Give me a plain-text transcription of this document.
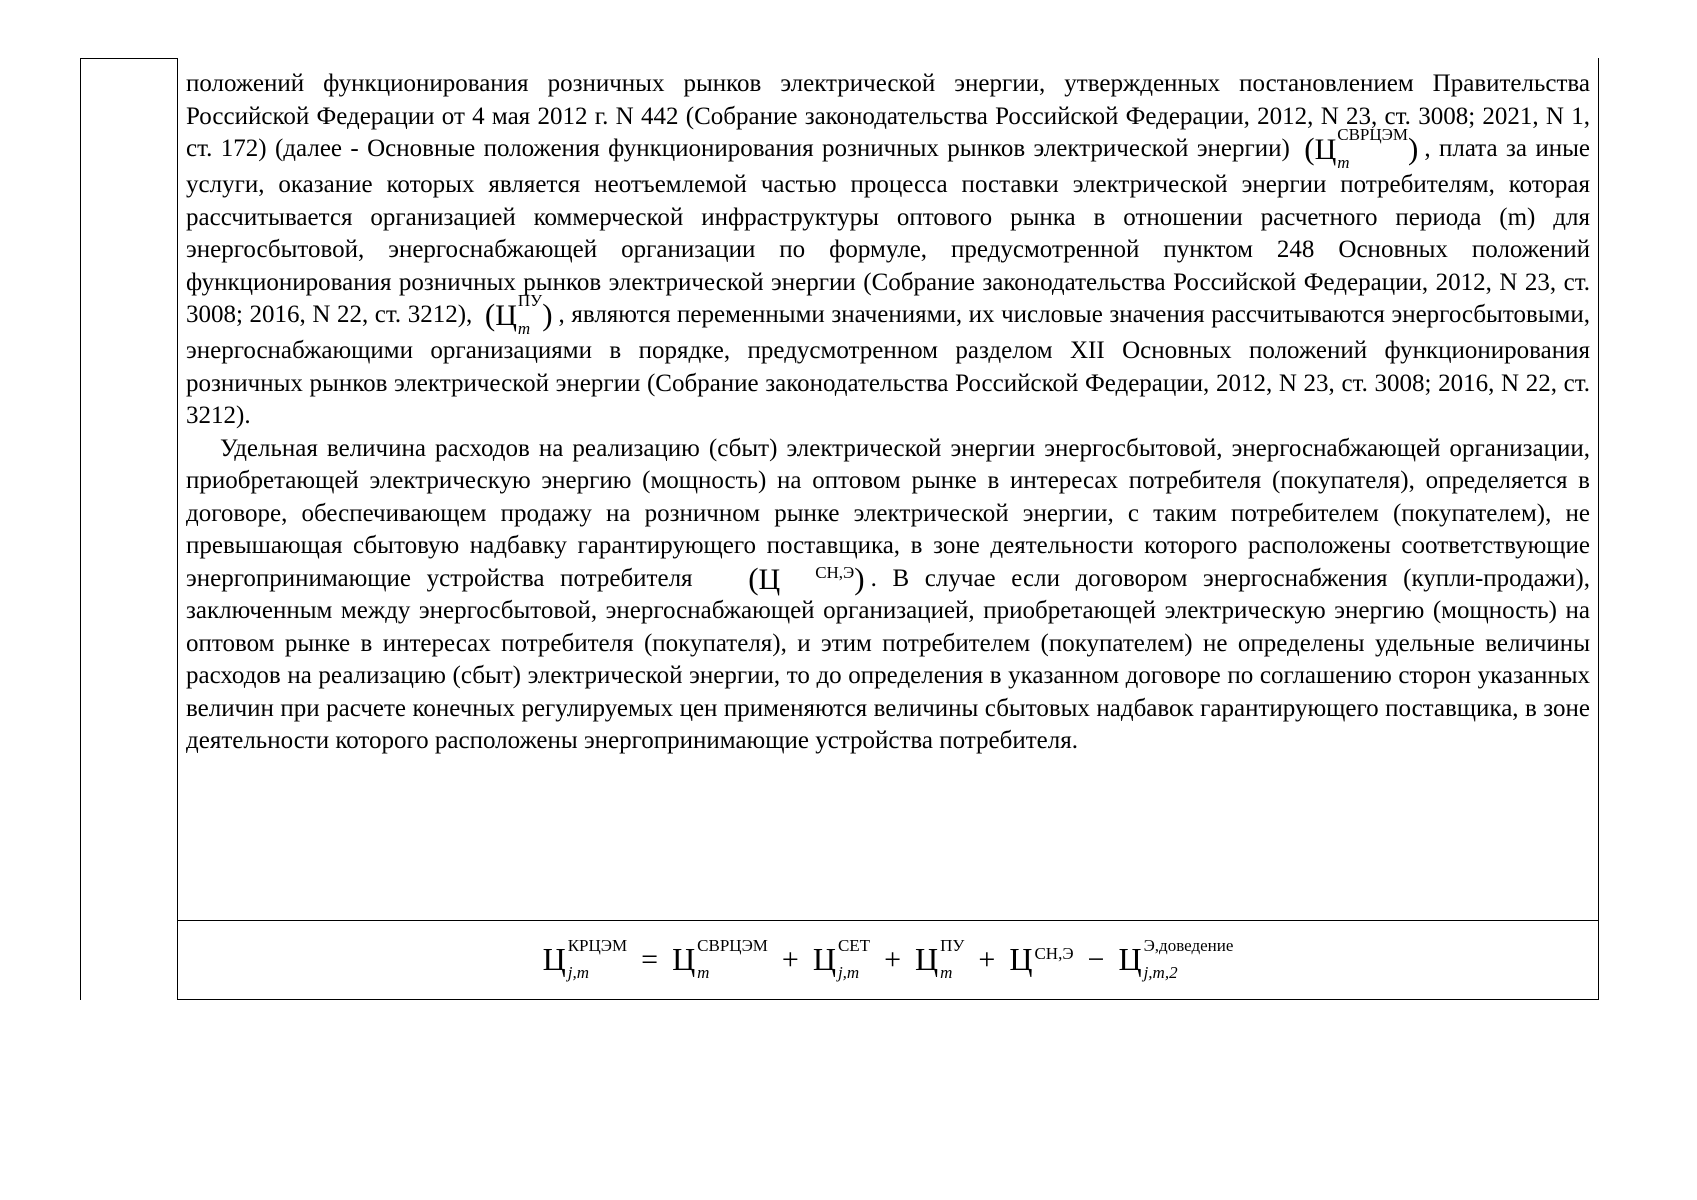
положений функционирования розничных рынков электрической энергии, утвержденных постановлением Правительства Российской Федерации от 4 мая 2012 г. N 442 (Собрание законодательства Российской Федерации, 2012, N 23, ст. 3008; 2021, N 1, ст. 172) (далее - Основные положения функционирования розничных рынков электрической энергии) (Ц СВРЦЭМ
m	) , плата за иные услуги, оказание которых является неотъемлемой частью процесса поставки электрической энергии потребителям, которая рассчитывается организацией коммерческой инфраструктуры оптового рынка в отношении расчетного периода (m) для энергосбытовой, энергоснабжающей организации по формуле, предусмотренной пунктом 248 Основных положений функционирования розничных рынков электрической энергии (Собрание законодательства Российской Федерации, 2012, N 23, ст. 3008; 2016, N 22, ст. 3212), (Ц ПУ
m ) , являются переменными значениями, их числовые значения рассчитываются энергосбытовыми, энергоснабжающими организациями в порядке, предусмотренном разделом XII Основных положений функционирования розничных рынков электрической энергии (Собрание законодательства Российской Федерации, 2012, N 23, ст. 3008; 2016, N 22, ст. 3212).

Удельная величина расходов на реализацию (сбыт) электрической энергии энергосбытовой, энергоснабжающей организации, приобретающей электрическую энергию (мощность) на оптовом рынке в интересах потребителя (покупателя), определяется в договоре, обеспечивающем продажу на розничном рынке электрической энергии, с таким потребителем (покупателем), не превышающая сбытовую надбавку гарантирующего поставщика, в зоне деятельности которого расположены соответствующие энергопринимающие устройства потребителя (Ц	СН,Э ) . В случае если договором энергоснабжения (купли-продажи), заключенным между энергосбытовой, энергоснабжающей организацией, приобретающей электрическую энергию (мощность) на оптовом рынке в интересах потребителя (покупателя), и этим потребителем (покупателем) не определены удельные величины расходов на реализацию (сбыт) электрической энергии, то до определения в указанном договоре по соглашению сторон указанных величин при расчете конечных регулируемых цен применяются величины сбытовых надбавок гарантирующего поставщика, в зоне деятельности которого расположены энергопринимающие устройства потребителя.

Ц КРЦЭМ
j,m	= Ц СВРЦЭМ
m	+ Ц СЕТ
j,m + Ц ПУ
m + Ц СН,Э − Ц Э,доведение
j,m,2
